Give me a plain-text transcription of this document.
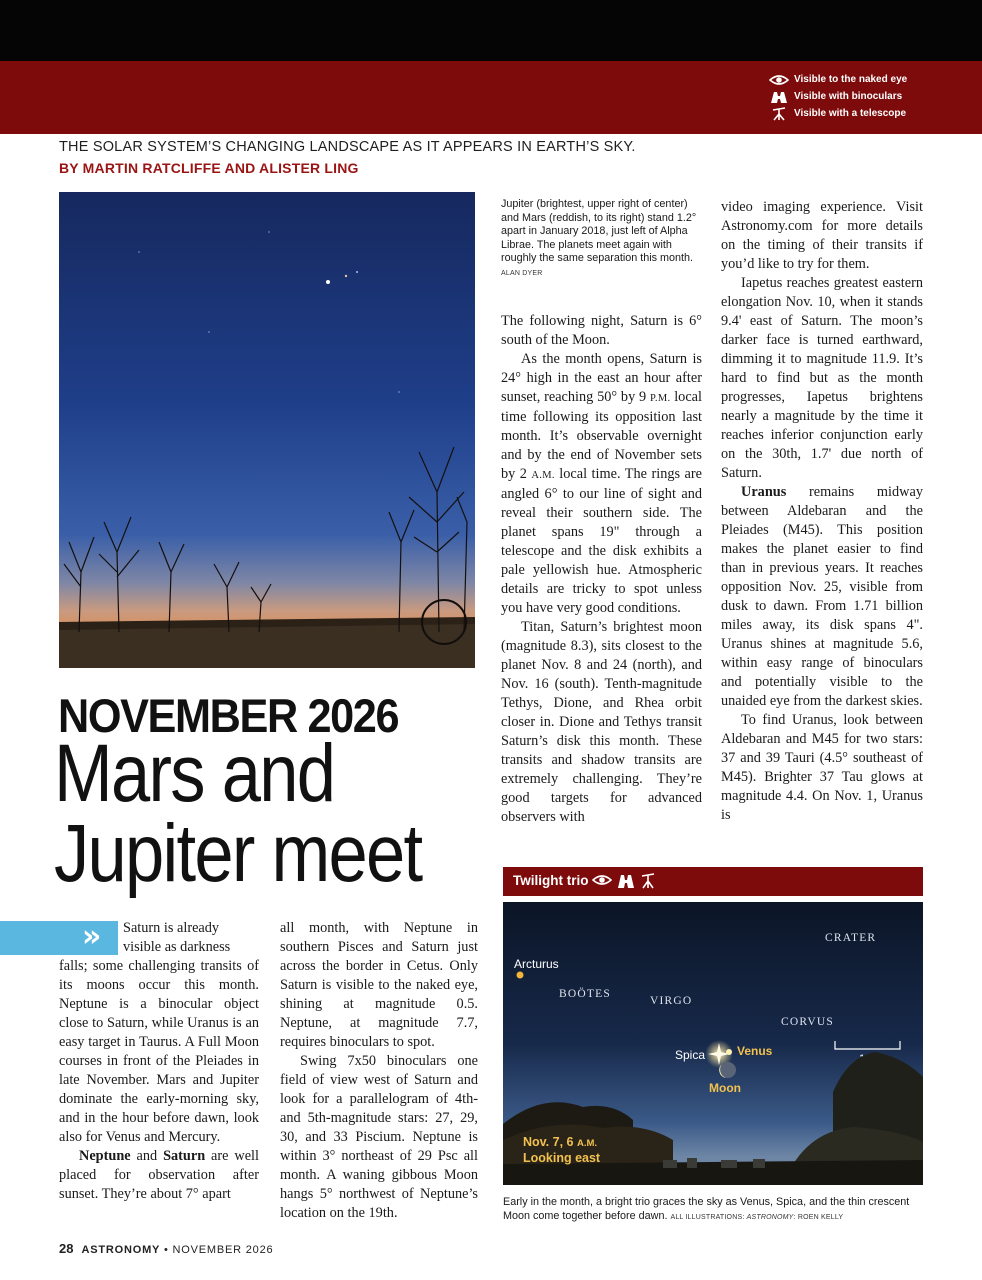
Visible to the naked eye
Visible with binoculars
Visible with a telescope
THE SOLAR SYSTEM’S CHANGING LANDSCAPE AS IT APPEARS IN EARTH’S SKY.
BY MARTIN RATCLIFFE AND ALISTER LING
NOVEMBER 2026
Mars and
Jupiter meet
Jupiter (brightest, upper right of center) and Mars (reddish, to its right) stand 1.2° apart in January 2018, just left of Alpha Librae. The planets meet again with roughly the same separation this month. ALAN DYER
»	Saturn is already
visible as darkness

falls; some challenging transits of its moons occur this month. Neptune is a binocular object close to Saturn, while Uranus is an easy target in Taurus. A Full Moon courses in front of the Pleiades in late November. Mars and Jupiter dominate the early-morning sky, and in the hour before dawn, look also for Venus and Mercury.

Neptune and Saturn are well placed for observation after sunset. They’re about 7° apart

all month, with Neptune in southern Pisces and Saturn just across the border in Cetus. Only Saturn is visible to the naked eye, shining at magnitude 0.5. Neptune, at magnitude 7.7, requires binoculars to spot.

Swing 7x50 binoculars one field of view west of Saturn and look for a parallelogram of 4th- and 5th-magnitude stars: 27, 29, 30, and 33 Piscium. Neptune is within 3° northeast of 29 Psc all month. A waning gibbous Moon hangs 5° northwest of Neptune’s location on the 19th.

The following night, Saturn is 6° south of the Moon.

As the month opens, Saturn is 24° high in the east an hour after sunset, reaching 50° by 9 P.M. local time following its opposition last month. It’s observable overnight and by the end of November sets by 2 A.M. local time. The rings are angled 6° to our line of sight and reveal their southern side. The planet spans 19" through a telescope and the disk exhibits a pale yellowish hue. Atmospheric details are tricky to spot unless you have very good conditions.

Titan, Saturn’s brightest moon (magnitude 8.3), sits closest to the planet Nov. 8 and 24 (north), and Nov. 16 (south). Tenth-magnitude Tethys, Dione, and Rhea orbit closer in. Dione and Tethys transit Saturn’s disk this month. These transits and shadow transits are extremely challenging. They’re good targets for advanced observers with

video imaging experience. Visit Astronomy.com for more details on the timing of their transits if you’d like to try for them.

Iapetus reaches greatest eastern elongation Nov. 10, when it stands 9.4' east of Saturn. The moon’s darker face is turned earthward, dimming it to magnitude 11.9. It’s hard to find but as the month progresses, Iapetus brightens nearly a magnitude by the time it reaches inferior conjunction early on the 30th, 1.7' due north of Saturn.

Uranus remains midway between Aldebaran and the Pleiades (M45). This position makes the planet easier to find than in previous years. It reaches opposition Nov. 25, visible from dusk to dawn. From 1.71 billion miles away, its disk spans 4". Uranus shines at magnitude 5.6, within easy range of binoculars and potentially visible to the unaided eye from the darkest skies.

To find Uranus, look between Aldebaran and M45 for two stars: 37 and 39 Tauri (4.5° southeast of M45). Brighter 37 Tau glows at magnitude 4.4. On Nov. 1, Uranus is

Twilight trio
CRATER
Arcturus
BOÖTES
VIRGO
CORVUS
Spica	Venus
Moon
Nov. 7, 6 A.M.
Looking east
Early in the month, a bright trio graces the sky as Venus, Spica, and the thin crescent Moon come together before dawn. ALL ILLUSTRATIONS: ASTRONOMY: ROEN KELLY
28 ASTRONOMY • NOVEMBER 2026
